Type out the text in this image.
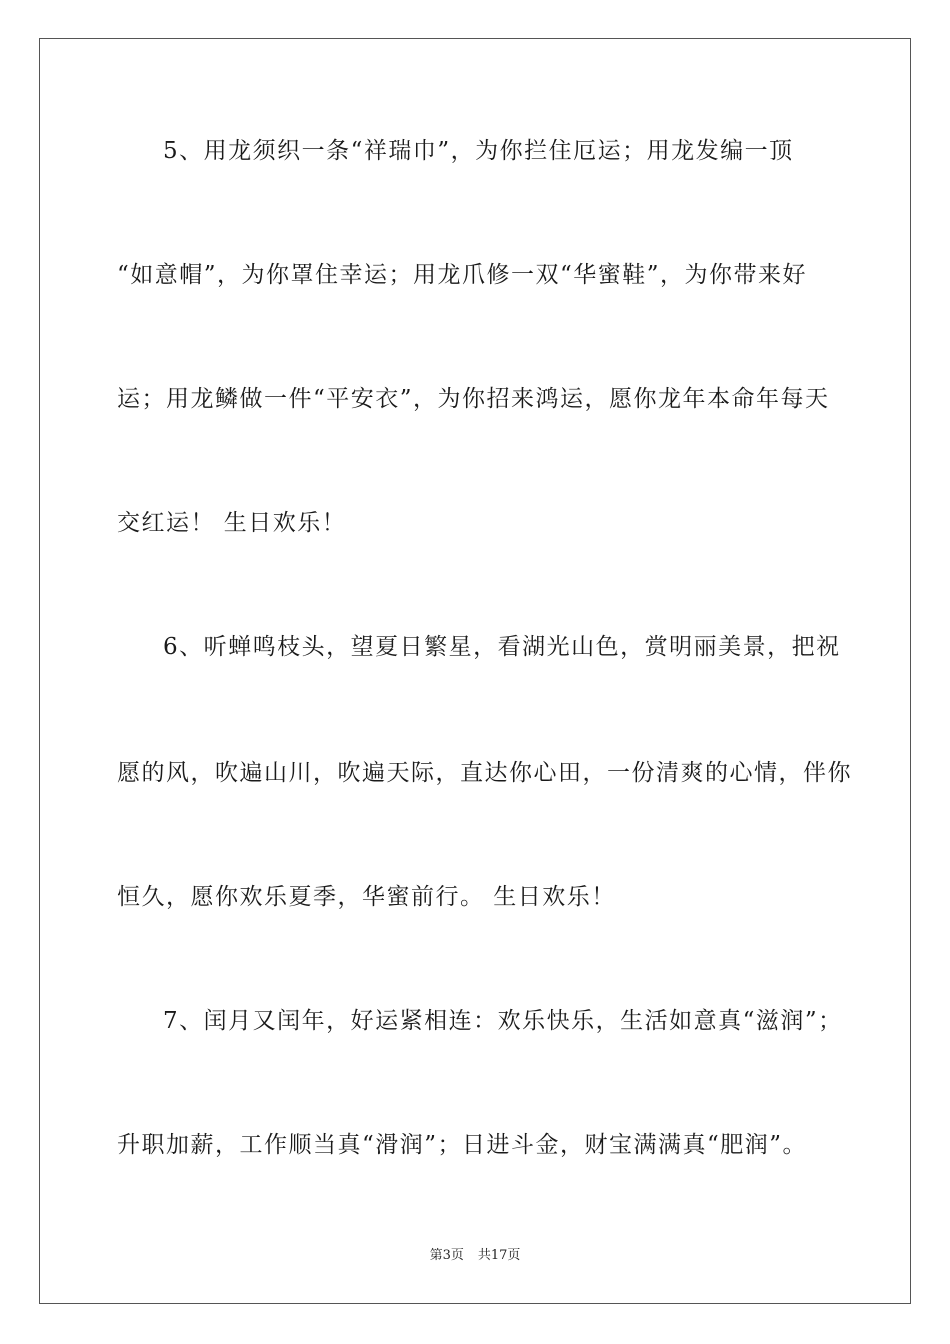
5、用龙须织一条“祥瑞巾”，为你拦住厄运；用龙发编一顶
“如意帽”，为你罩住幸运；用龙爪修一双“华蜜鞋”，为你带来好
运；用龙鳞做一件“平安衣”，为你招来鸿运，愿你龙年本命年每天
交红运！ 生日欢乐！
6、听蝉鸣枝头，望夏日繁星，看湖光山色，赏明丽美景，把祝
愿的风，吹遍山川，吹遍天际，直达你心田，一份清爽的心情，伴你
恒久，愿你欢乐夏季，华蜜前行。 生日欢乐！
7、闰月又闰年，好运紧相连：欢乐快乐，生活如意真“滋润”；
升职加薪，工作顺当真“滑润”；日进斗金，财宝满满真“肥润”。
第3页 共17页
